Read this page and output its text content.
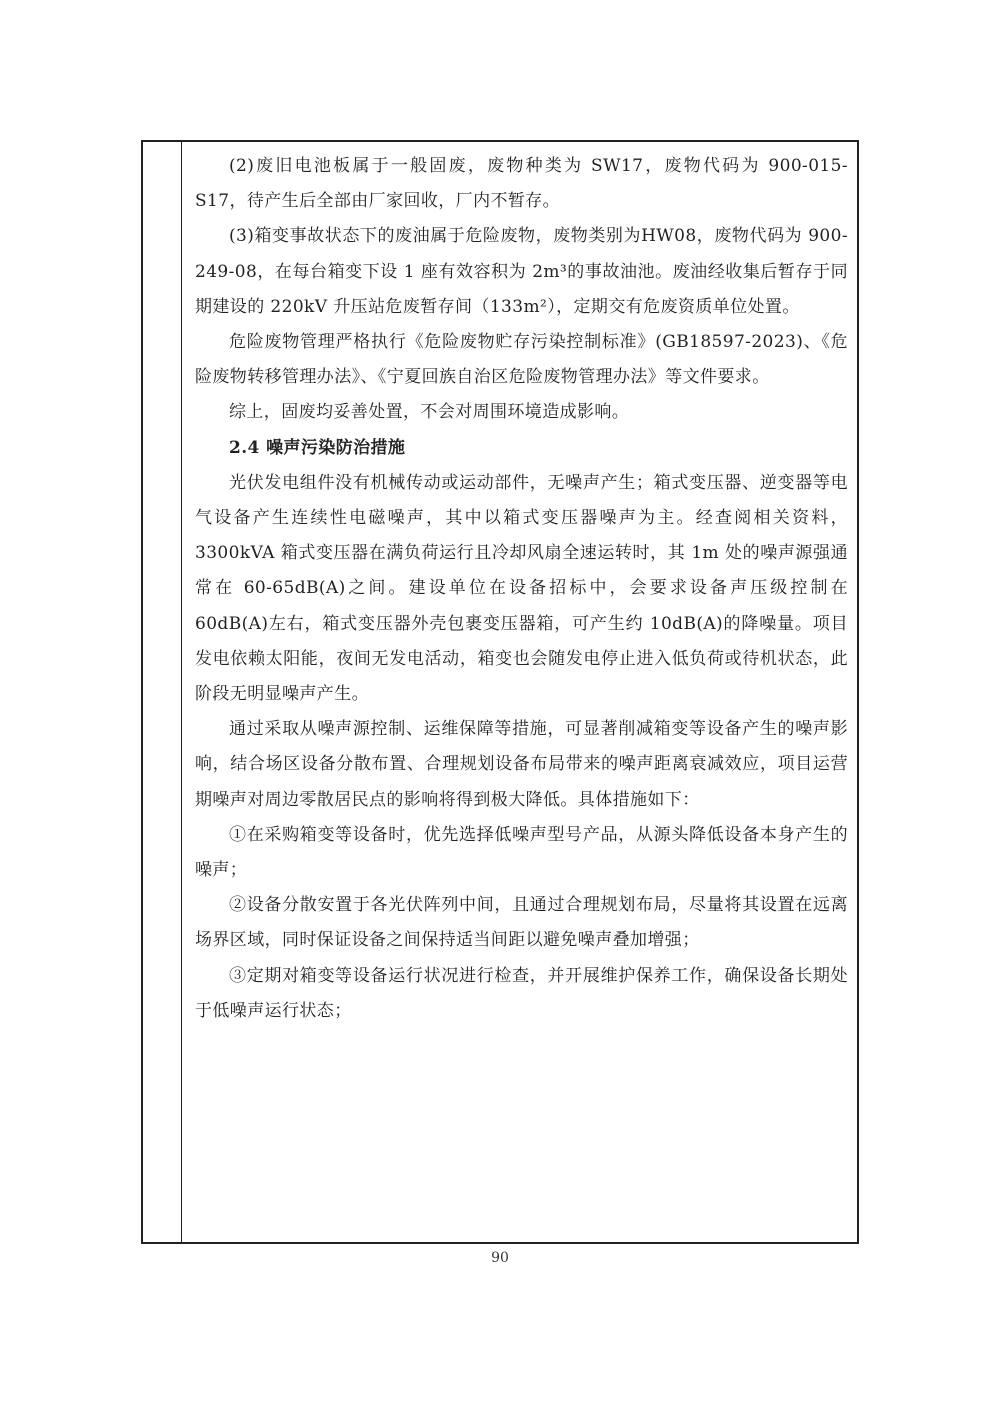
(2)废旧电池板属于一般固废，废物种类为 SW17，废物代码为 900-015-S17，待产生后全部由厂家回收，厂内不暂存。

(3)箱变事故状态下的废油属于危险废物，废物类别为HW08，废物代码为 900-249-08，在每台箱变下设 1 座有效容积为 2m³的事故油池。废油经收集后暂存于同期建设的 220kV 升压站危废暂存间（133m²），定期交有危废资质单位处置。

危险废物管理严格执行《危险废物贮存污染控制标准》(GB18597-2023)、《危险废物转移管理办法》、《宁夏回族自治区危险废物管理办法》等文件要求。

综上，固废均妥善处置，不会对周围环境造成影响。

2.4 噪声污染防治措施

光伏发电组件没有机械传动或运动部件，无噪声产生；箱式变压器、逆变器等电气设备产生连续性电磁噪声，其中以箱式变压器噪声为主。经查阅相关资料，3300kVA 箱式变压器在满负荷运行且冷却风扇全速运转时，其 1m 处的噪声源强通常在 60-65dB(A)之间。建设单位在设备招标中，会要求设备声压级控制在 60dB(A)左右，箱式变压器外壳包裹变压器箱，可产生约 10dB(A)的降噪量。项目发电依赖太阳能，夜间无发电活动，箱变也会随发电停止进入低负荷或待机状态，此阶段无明显噪声产生。

通过采取从噪声源控制、运维保障等措施，可显著削减箱变等设备产生的噪声影响，结合场区设备分散布置、合理规划设备布局带来的噪声距离衰减效应，项目运营期噪声对周边零散居民点的影响将得到极大降低。具体措施如下：

①在采购箱变等设备时，优先选择低噪声型号产品，从源头降低设备本身产生的噪声；

②设备分散安置于各光伏阵列中间，且通过合理规划布局，尽量将其设置在远离场界区域，同时保证设备之间保持适当间距以避免噪声叠加增强；

③定期对箱变等设备运行状况进行检查，并开展维护保养工作，确保设备长期处于低噪声运行状态；

90
